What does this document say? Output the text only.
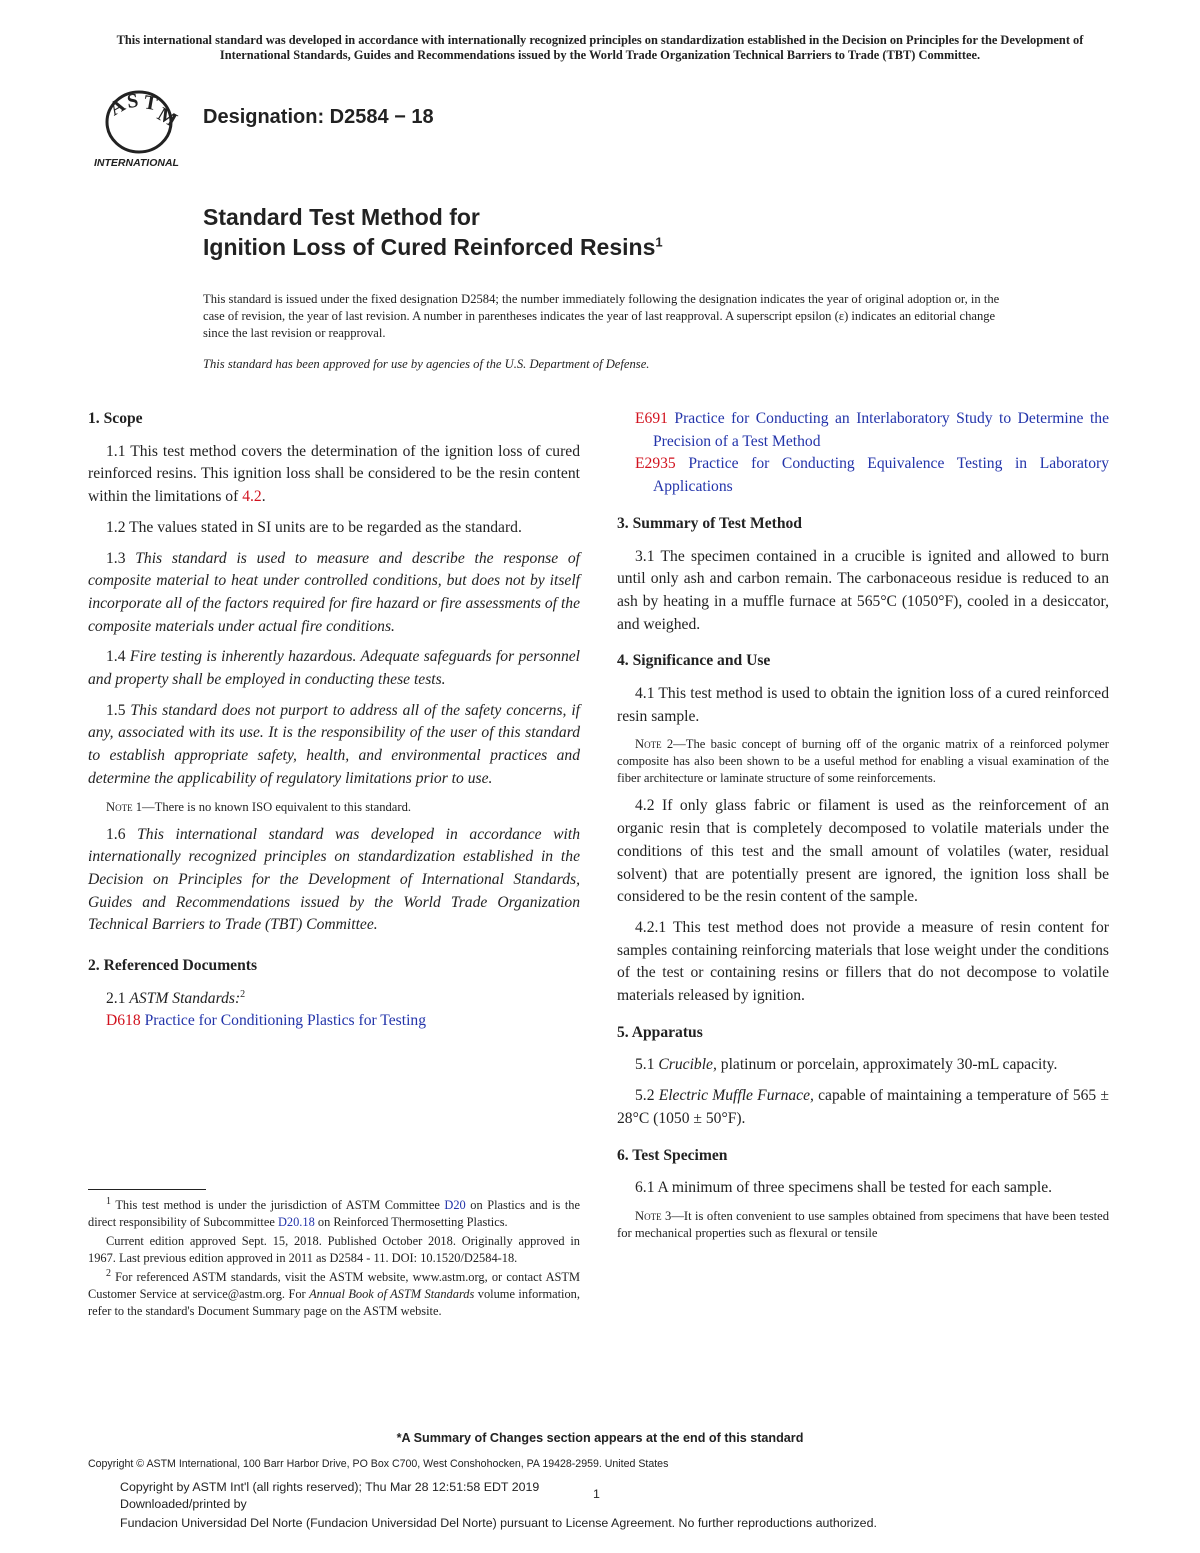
This international standard was developed in accordance with internationally recognized principles on standardization established in the Decision on Principles for the Development of International Standards, Guides and Recommendations issued by the World Trade Organization Technical Barriers to Trade (TBT) Committee.
A
S T
M
INTERNATIONAL
Designation: D2584 − 18
Standard Test Method for
Ignition Loss of Cured Reinforced Resins$^1$
This standard is issued under the fixed designation D2584; the number immediately following the designation indicates the year of original adoption or, in the case of revision, the year of last revision. A number in parentheses indicates the year of last reapproval. A superscript epsilon (ε) indicates an editorial change since the last revision or reapproval.
This standard has been approved for use by agencies of the U.S. Department of Defense.
1. Scope

1.1 This test method covers the determination of the ignition loss of cured reinforced resins. This ignition loss shall be considered to be the resin content within the limitations of 4.2.

1.2 The values stated in SI units are to be regarded as the standard.

1.3 This standard is used to measure and describe the response of composite material to heat under controlled conditions, but does not by itself incorporate all of the factors required for fire hazard or fire assessments of the composite materials under actual fire conditions.

1.4 Fire testing is inherently hazardous. Adequate safeguards for personnel and property shall be employed in conducting these tests.

1.5 This standard does not purport to address all of the safety concerns, if any, associated with its use. It is the responsibility of the user of this standard to establish appropriate safety, health, and environmental practices and determine the applicability of regulatory limitations prior to use.

Note 1—There is no known ISO equivalent to this standard.

1.6 This international standard was developed in accordance with internationally recognized principles on standardization established in the Decision on Principles for the Development of International Standards, Guides and Recommendations issued by the World Trade Organization Technical Barriers to Trade (TBT) Committee.

2. Referenced Documents

2.1 ASTM Standards:$^2$

D618 Practice for Conditioning Plastics for Testing

E691 Practice for Conducting an Interlaboratory Study to Determine the Precision of a Test Method

E2935 Practice for Conducting Equivalence Testing in Laboratory Applications

3. Summary of Test Method

3.1 The specimen contained in a crucible is ignited and allowed to burn until only ash and carbon remain. The carbonaceous residue is reduced to an ash by heating in a muffle furnace at 565°C (1050°F), cooled in a desiccator, and weighed.

4. Significance and Use

4.1 This test method is used to obtain the ignition loss of a cured reinforced resin sample.

Note 2—The basic concept of burning off of the organic matrix of a reinforced polymer composite has also been shown to be a useful method for enabling a visual examination of the fiber architecture or laminate structure of some reinforcements.

4.2 If only glass fabric or filament is used as the reinforcement of an organic resin that is completely decomposed to volatile materials under the conditions of this test and the small amount of volatiles (water, residual solvent) that are potentially present are ignored, the ignition loss shall be considered to be the resin content of the sample.

4.2.1 This test method does not provide a measure of resin content for samples containing reinforcing materials that lose weight under the conditions of the test or containing resins or fillers that do not decompose to volatile materials released by ignition.

5. Apparatus

5.1 Crucible, platinum or porcelain, approximately 30-mL capacity.

5.2 Electric Muffle Furnace, capable of maintaining a temperature of 565 ± 28°C (1050 ± 50°F).

6. Test Specimen

6.1 A minimum of three specimens shall be tested for each sample.

Note 3—It is often convenient to use samples obtained from specimens that have been tested for mechanical properties such as flexural or tensile

$^1$ This test method is under the jurisdiction of ASTM Committee D20 on Plastics and is the direct responsibility of Subcommittee D20.18 on Reinforced Thermosetting Plastics.

Current edition approved Sept. 15, 2018. Published October 2018. Originally approved in 1967. Last previous edition approved in 2011 as D2584 - 11. DOI: 10.1520/D2584-18.

$^2$ For referenced ASTM standards, visit the ASTM website, www.astm.org, or contact ASTM Customer Service at service@astm.org. For Annual Book of ASTM Standards volume information, refer to the standard's Document Summary page on the ASTM website.

*A Summary of Changes section appears at the end of this standard
Copyright © ASTM International, 100 Barr Harbor Drive, PO Box C700, West Conshohocken, PA 19428-2959. United States
Copyright by ASTM Int'l (all rights reserved); Thu Mar 28 12:51:58 EDT 2019	1
Downloaded/printed by
Fundacion Universidad Del Norte (Fundacion Universidad Del Norte) pursuant to License Agreement. No further reproductions authorized.
